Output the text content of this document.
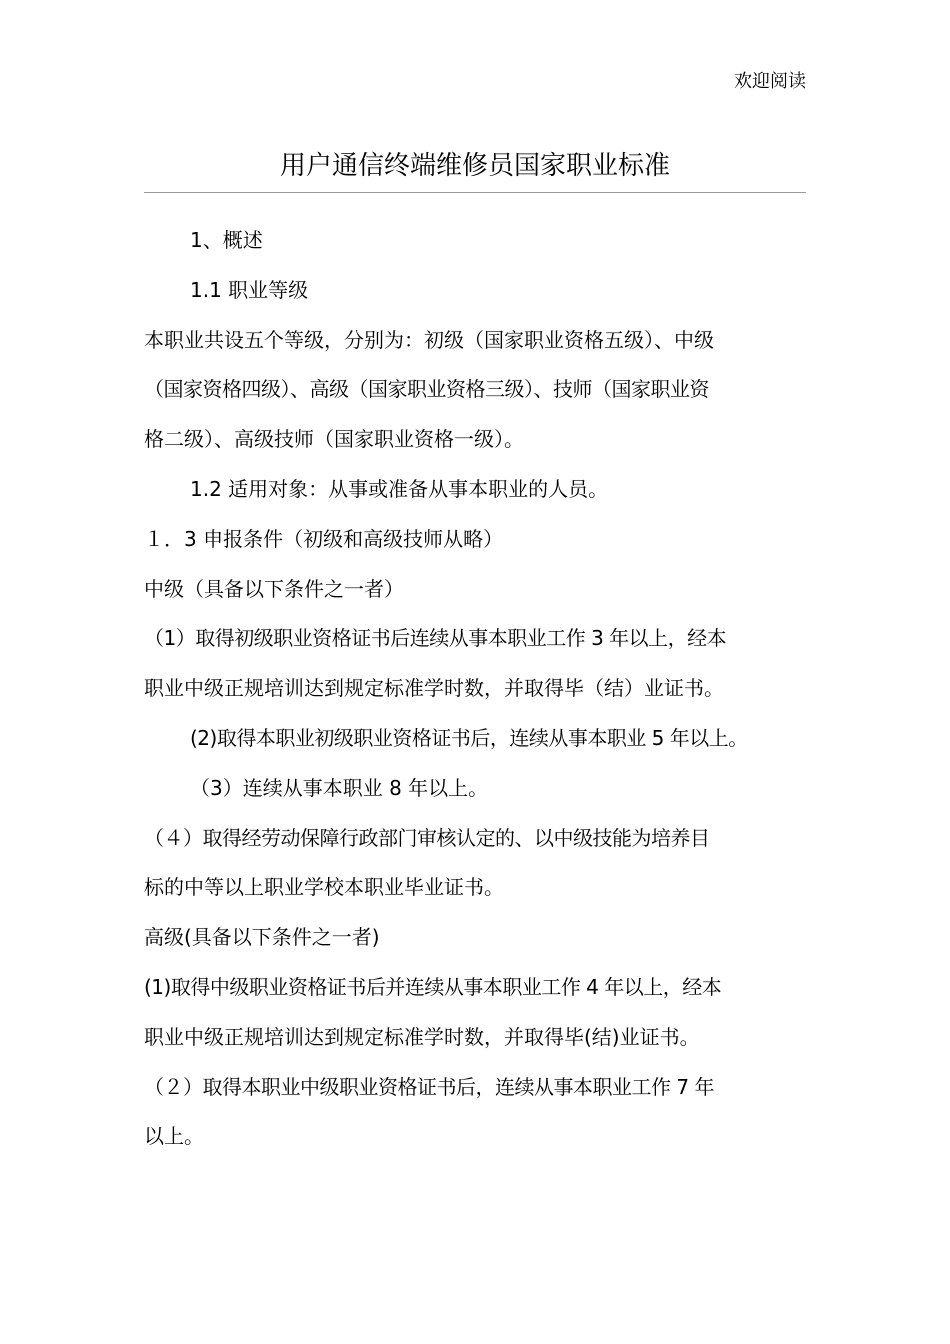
欢迎阅读
用户通信终端维修员国家职业标准

1、概述

1.1 职业等级

本职业共设五个等级，分别为：初级（国家职业资格五级）、中级

（国家资格四级）、高级（国家职业资格三级）、技师（国家职业资

格二级）、高级技师（国家职业资格一级）。

1.2 适用对象：从事或准备从事本职业的人员。

１．3 申报条件（初级和高级技师从略）

中级（具备以下条件之一者）

（1）取得初级职业资格证书后连续从事本职业工作 3 年以上，经本

职业中级正规培训达到规定标准学时数，并取得毕（结）业证书。

(2)取得本职业初级职业资格证书后，连续从事本职业 5 年以上。

（3）连续从事本职业 8 年以上。

（４）取得经劳动保障行政部门审核认定的、以中级技能为培养目

标的中等以上职业学校本职业毕业证书。

高级(具备以下条件之一者)

(1)取得中级职业资格证书后并连续从事本职业工作 4 年以上，经本

职业中级正规培训达到规定标准学时数，并取得毕(结)业证书。

（２）取得本职业中级职业资格证书后，连续从事本职业工作 7 年

以上。
